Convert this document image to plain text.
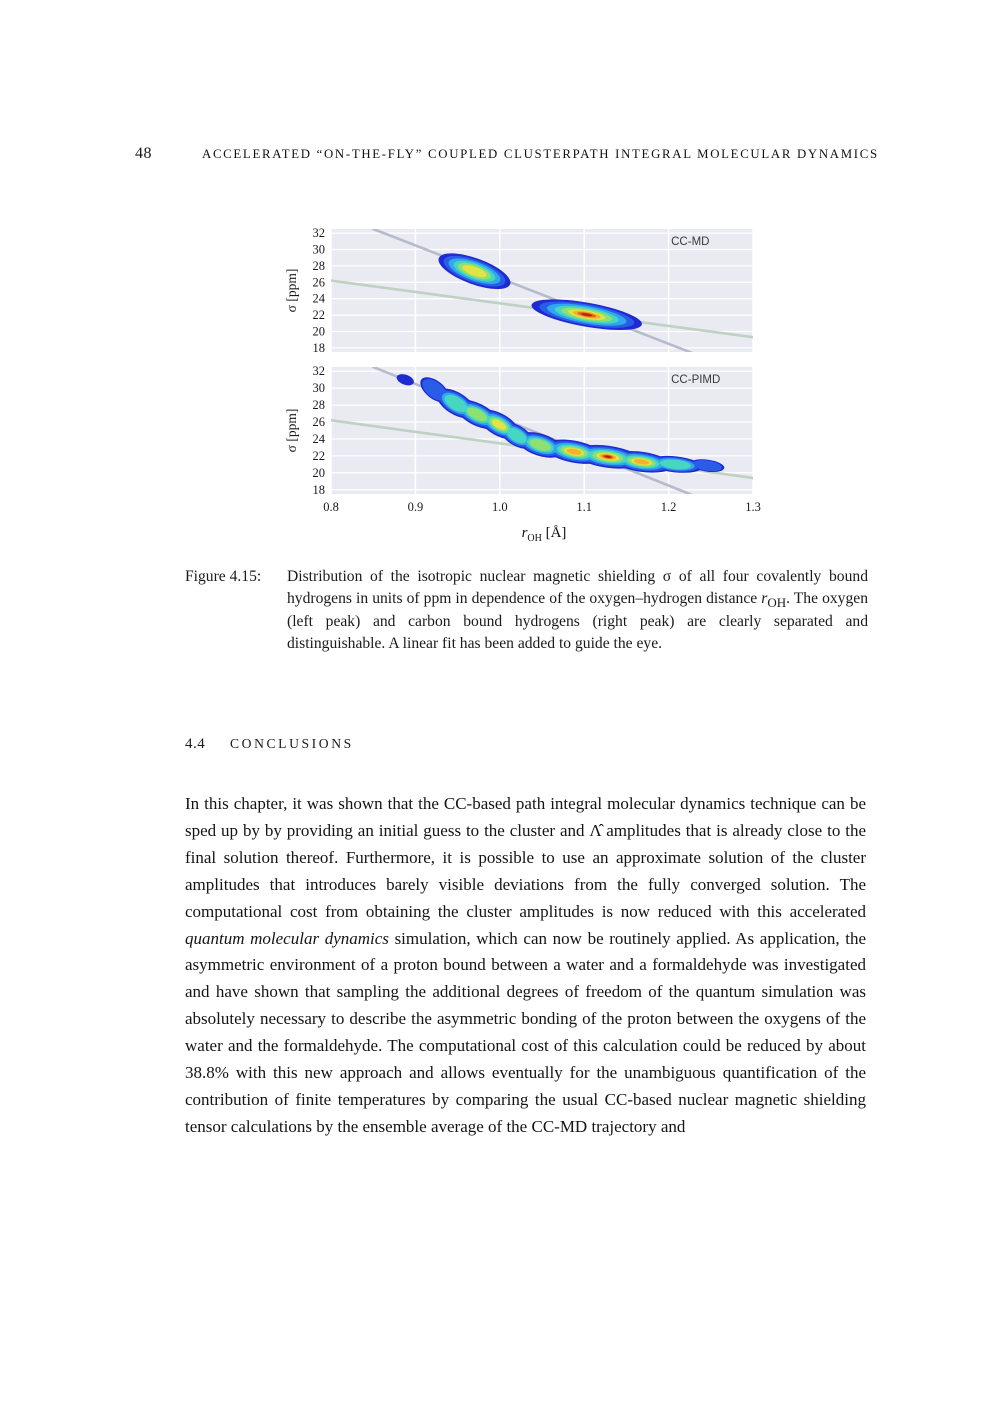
48	ACCELERATED “ON-THE-FLY” COUPLED CLUSTERPATH INTEGRAL MOLECULAR DYNAMICS
CC-MD
32
30
28
26
24
22
20
18
σ [ppm]
CC-PIMD
32
30
28
26
24
22
20
18
σ [ppm]
0.8	0.9	1.0	1.1	1.2	1.3
$r_{OH}$ [Å]
Figure 4.15: Distribution of the isotropic nuclear magnetic shielding σ of all four covalently bound hydrogens in units of ppm in dependence of the oxygen–hydrogen distance $r_{OH}$. The oxygen (left peak) and carbon bound hydrogens (right peak) are clearly separated and distinguishable. A linear fit has been added to guide the eye.
4.4 CONCLUSIONS
In this chapter, it was shown that the CC-based path integral molecular dynamics technique can be sped up by by providing an initial guess to the cluster and Λ̂ amplitudes that is already close to the final solution thereof. Furthermore, it is possible to use an approximate solution of the cluster amplitudes that introduces barely visible deviations from the fully converged solution. The computational cost from obtaining the cluster amplitudes is now reduced with this accelerated quantum molecular dynamics simulation, which can now be routinely applied. As application, the asymmetric environment of a proton bound between a water and a formaldehyde was investigated and have shown that sampling the additional degrees of freedom of the quantum simulation was absolutely necessary to describe the asymmetric bonding of the proton between the oxygens of the water and the formaldehyde. The computational cost of this calculation could be reduced by about 38.8% with this new approach and allows eventually for the unambiguous quantification of the contribution of finite temperatures by comparing the usual CC-based nuclear magnetic shielding tensor calculations by the ensemble average of the CC-MD trajectory and
